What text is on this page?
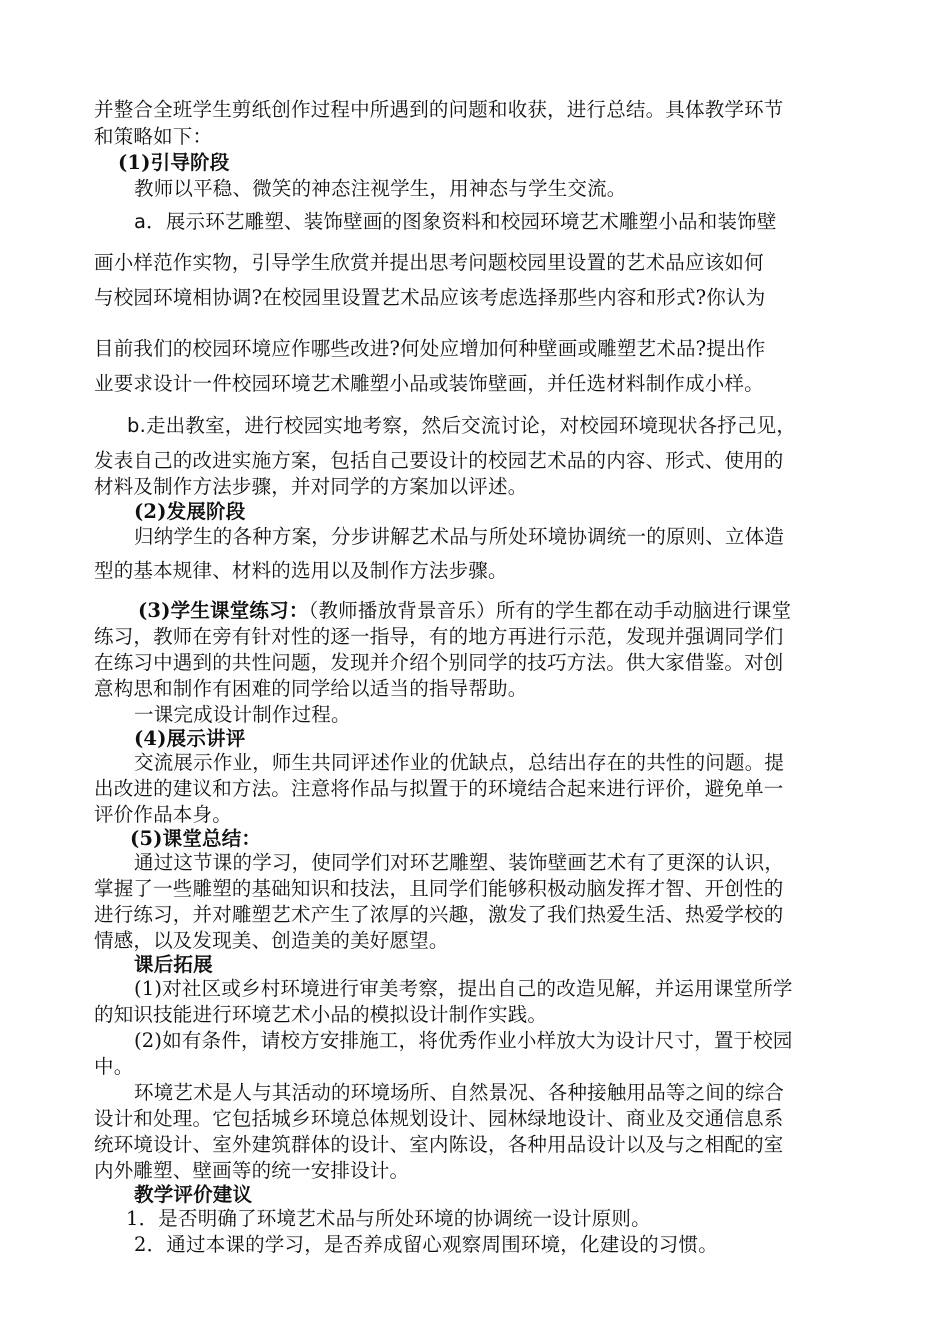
并整合全班学生剪纸创作过程中所遇到的问题和收获，进行总结。具体教学环节
和策略如下：
(1)引导阶段
教师以平稳、微笑的神态注视学生，用神态与学生交流。
a．展示环艺雕塑、装饰壁画的图象资料和校园环境艺术雕塑小品和装饰壁
画小样范作实物，引导学生欣赏并提出思考问题校园里设置的艺术品应该如何
与校园环境相协调?在校园里设置艺术品应该考虑选择那些内容和形式?你认为
目前我们的校园环境应作哪些改进?何处应增加何种壁画或雕塑艺术品?提出作
业要求设计一件校园环境艺术雕塑小品或装饰壁画，并任选材料制作成小样。
b.走出教室，进行校园实地考察，然后交流讨论，对校园环境现状各抒己见，
发表自己的改进实施方案，包括自己要设计的校园艺术品的内容、形式、使用的
材料及制作方法步骤，并对同学的方案加以评述。
(2)发展阶段
归纳学生的各种方案，分步讲解艺术品与所处环境协调统一的原则、立体造
型的基本规律、材料的选用以及制作方法步骤。
(3)学生课堂练习：（教师播放背景音乐）所有的学生都在动手动脑进行课堂
练习，教师在旁有针对性的逐一指导，有的地方再进行示范，发现并强调同学们
在练习中遇到的共性问题，发现并介绍个别同学的技巧方法。供大家借鉴。对创
意构思和制作有困难的同学给以适当的指导帮助。
一课完成设计制作过程。
(4)展示讲评
交流展示作业，师生共同评述作业的优缺点，总结出存在的共性的问题。提
出改进的建议和方法。注意将作品与拟置于的环境结合起来进行评价，避免单一
评价作品本身。
(5)课堂总结：
通过这节课的学习，使同学们对环艺雕塑、装饰壁画艺术有了更深的认识，
掌握了一些雕塑的基础知识和技法，且同学们能够积极动脑发挥才智、开创性的
进行练习，并对雕塑艺术产生了浓厚的兴趣，激发了我们热爱生活、热爱学校的
情感，以及发现美、创造美的美好愿望。
课后拓展
(1)对社区或乡村环境进行审美考察，提出自己的改造见解，并运用课堂所学
的知识技能进行环境艺术小品的模拟设计制作实践。
(2)如有条件，请校方安排施工，将优秀作业小样放大为设计尺寸，置于校园
中。
环境艺术是人与其活动的环境场所、自然景况、各种接触用品等之间的综合
设计和处理。它包括城乡环境总体规划设计、园林绿地设计、商业及交通信息系
统环境设计、室外建筑群体的设计、室内陈设，各种用品设计以及与之相配的室
内外雕塑、壁画等的统一安排设计。
教学评价建议
1．是否明确了环境艺术品与所处环境的协调统一设计原则。
2．通过本课的学习，是否养成留心观察周围环境，化建设的习惯。
